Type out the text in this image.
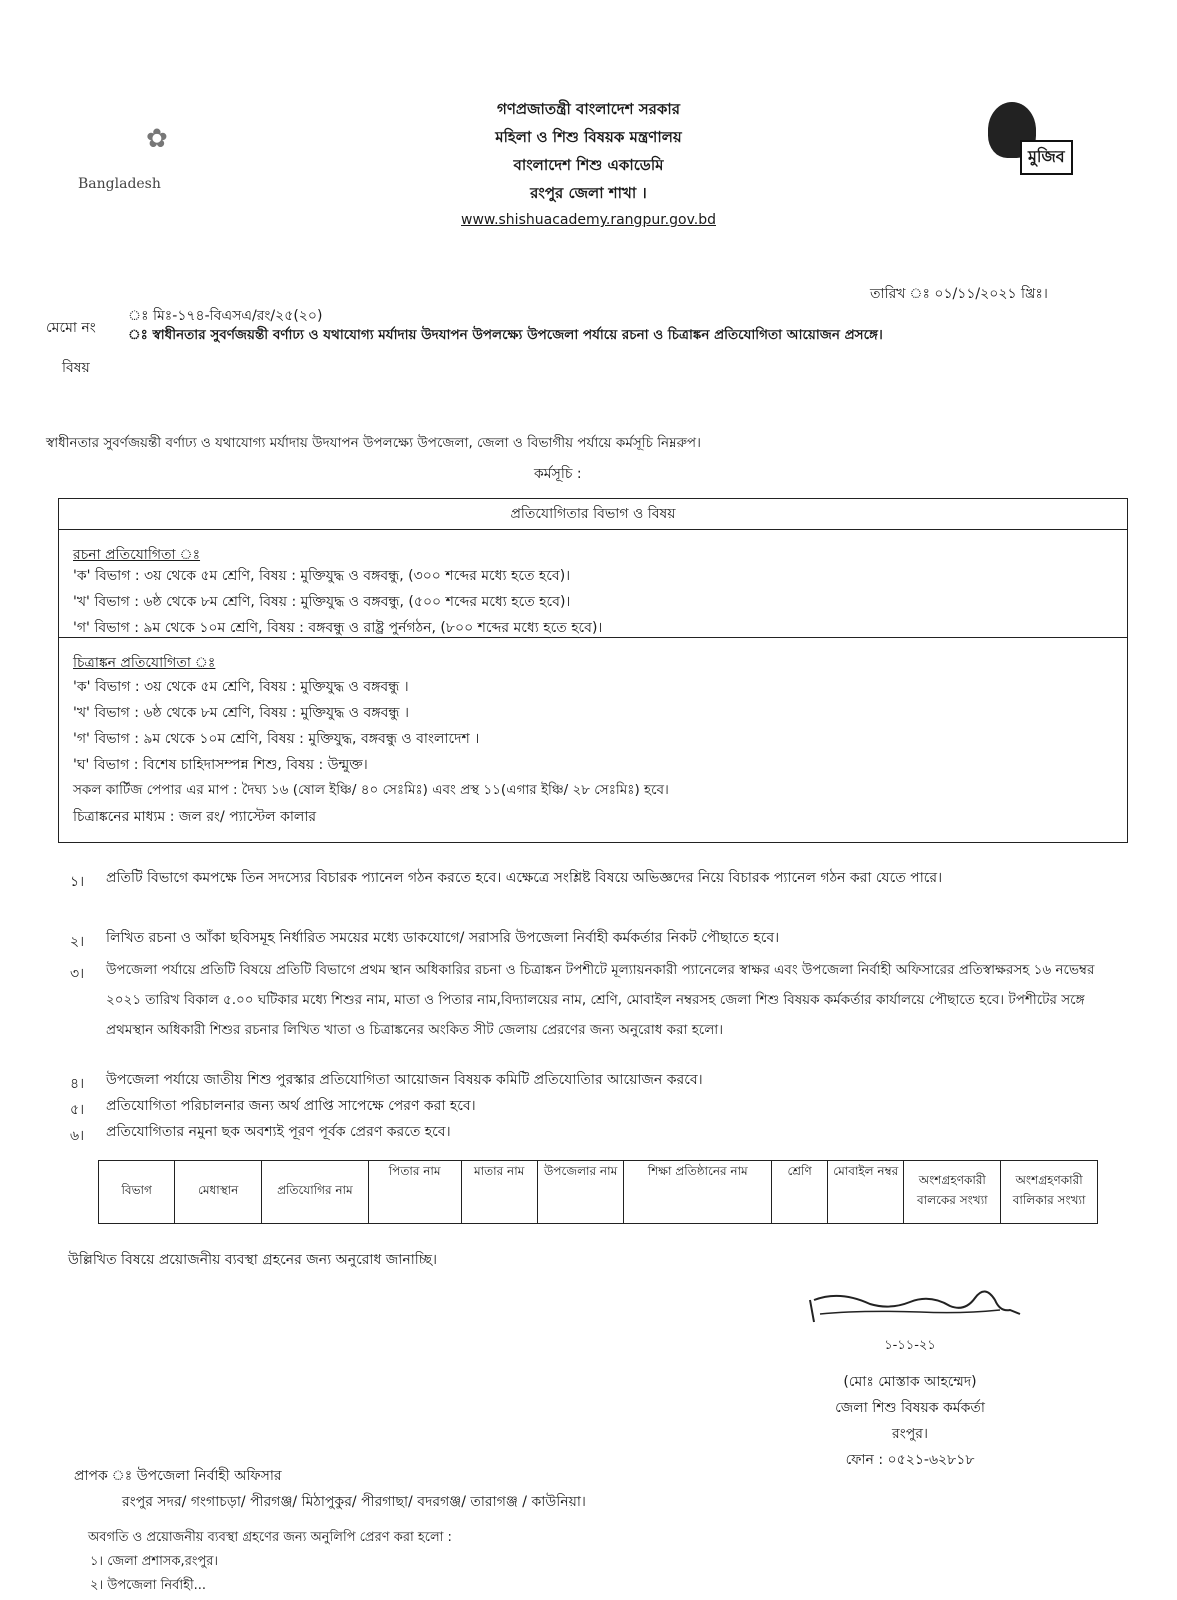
গণপ্রজাতন্ত্রী বাংলাদেশ সরকার
মহিলা ও শিশু বিষয়ক মন্ত্রণালয়
বাংলাদেশ শিশু একাডেমি
রংপুর জেলা শাখা ।
www.shishuacademy.rangpur.gov.bd
✿
Bangladesh
মুজিব
তারিখ ঃ ০১/১১/২০২১ খ্রিঃ।
মেমো নং
ঃ মিঃ-১৭৪-বিএসএ/রং/২৫(২০)
বিষয়
ঃ স্বাধীনতার সুবর্ণজয়ন্তী বর্ণাঢ্য ও যথাযোগ্য মর্যাদায় উদযাপন উপলক্ষ্যে উপজেলা পর্যায়ে রচনা ও চিত্রাঙ্কন প্রতিযোগিতা আয়োজন প্রসঙ্গে।
স্বাধীনতার সুবর্ণজয়ন্তী বর্ণাঢ্য ও যথাযোগ্য মর্যাদায় উদযাপন উপলক্ষ্যে উপজেলা, জেলা ও বিভাগীয় পর্যায়ে কর্মসূচি নিম্নরুপ।
কর্মসূচি :
প্রতিযোগিতার বিভাগ ও বিষয়
রচনা প্রতিযোগিতা ঃ
'ক' বিভাগ : ৩য় থেকে ৫ম শ্রেণি, বিষয় : মুক্তিযুদ্ধ ও বঙ্গবন্ধু, (৩০০ শব্দের মধ্যে হতে হবে)।
'খ' বিভাগ : ৬ষ্ঠ থেকে ৮ম শ্রেণি, বিষয় : মুক্তিযুদ্ধ ও বঙ্গবন্ধু, (৫০০ শব্দের মধ্যে হতে হবে)।
'গ' বিভাগ : ৯ম থেকে ১০ম শ্রেণি, বিষয় : বঙ্গবন্ধু ও রাষ্ট্র পুর্নগঠন, (৮০০ শব্দের মধ্যে হতে হবে)।
চিত্রাঙ্কন প্রতিযোগিতা ঃ
'ক' বিভাগ : ৩য় থেকে ৫ম শ্রেণি, বিষয় : মুক্তিযুদ্ধ ও বঙ্গবন্ধু ।
'খ' বিভাগ : ৬ষ্ঠ থেকে ৮ম শ্রেণি, বিষয় : মুক্তিযুদ্ধ ও বঙ্গবন্ধু ।
'গ' বিভাগ : ৯ম থেকে ১০ম শ্রেণি, বিষয় : মুক্তিযুদ্ধ, বঙ্গবন্ধু ও বাংলাদেশ ।
'ঘ' বিভাগ : বিশেষ চাহিদাসম্পন্ন শিশু, বিষয় : উন্মুক্ত।
সকল কার্টিজ পেপার এর মাপ : দৈঘ্য ১৬ (ষোল ইঞ্চি/ ৪০ সেঃমিঃ) এবং প্রস্থ ১১(এগার ইঞ্চি/ ২৮ সেঃমিঃ) হবে।
চিত্রাঙ্কনের মাধ্যম : জল রং/ প্যাস্টেল কালার
১। প্রতিটি বিভাগে কমপক্ষে তিন সদস্যের বিচারক প্যানেল গঠন করতে হবে। এক্ষেত্রে সংশ্লিষ্ট বিষয়ে অভিজ্ঞদের নিয়ে বিচারক প্যানেল গঠন করা যেতে পারে।
২। লিখিত রচনা ও আঁকা ছবিসমূহ নির্ধারিত সময়ের মধ্যে ডাকযোগে/ সরাসরি উপজেলা নির্বাহী কর্মকর্তার নিকট পৌছাতে হবে।
৩। উপজেলা পর্যায়ে প্রতিটি বিষয়ে প্রতিটি বিভাগে প্রথম স্থান অধিকারির রচনা ও চিত্রাঙ্কন টপশীটে মূল্যায়নকারী প্যানেলের স্বাক্ষর এবং উপজেলা নির্বাহী অফিসারের প্রতিস্বাক্ষরসহ ১৬ নভেম্বর ২০২১ তারিখ বিকাল ৫.০০ ঘটিকার মধ্যে শিশুর নাম, মাতা ও পিতার নাম,বিদ্যালয়ের নাম, শ্রেণি, মোবাইল নম্বরসহ জেলা শিশু বিষয়ক কর্মকর্তার কার্যালয়ে পৌছাতে হবে। টপশীটের সঙ্গে প্রথমস্থান অধিকারী শিশুর রচনার লিখিত খাতা ও চিত্রাঙ্কনের অংকিত সীট জেলায় প্রেরণের জন্য অনুরোধ করা হলো।
৪। উপজেলা পর্যায়ে জাতীয় শিশু পুরস্কার প্রতিযোগিতা আয়োজন বিষয়ক কমিটি প্রতিযোতিার আয়োজন করবে।
৫। প্রতিযোগিতা পরিচালনার জন্য অর্থ প্রাপ্তি সাপেক্ষে পেরণ করা হবে।
৬। প্রতিযোগিতার নমুনা ছক অবশ্যই পূরণ পূর্বক প্রেরণ করতে হবে।
বিভাগ	মেধাস্থান	প্রতিযোগির নাম	পিতার নাম	মাতার নাম	উপজেলার নাম	শিক্ষা প্রতিষ্ঠানের নাম	শ্রেণি	মোবাইল নম্বর	অংশগ্রহণকারী বালকের সংখ্যা	অংশগ্রহণকারী বালিকার সংখ্যা
উল্লিখিত বিষয়ে প্রয়োজনীয় ব্যবস্থা গ্রহনের জন্য অনুরোধ জানাচ্ছি।
১-১১-২১
(মোঃ মোস্তাক আহম্মেদ)
জেলা শিশু বিষয়ক কর্মকর্তা
রংপুর।
ফোন : ০৫২১-৬২৮১৮
প্রাপক ঃ উপজেলা নির্বাহী অফিসার
রংপুর সদর/ গংগাচড়া/ পীরগঞ্জ/ মিঠাপুকুর/ পীরগাছা/ বদরগঞ্জ/ তারাগঞ্জ / কাউনিয়া।
অবগতি ও প্রয়োজনীয় ব্যবস্থা গ্রহণের জন্য অনুলিপি প্রেরণ করা হলো :
১। জেলা প্রশাসক,রংপুর।
২। উপজেলা নির্বাহী...
